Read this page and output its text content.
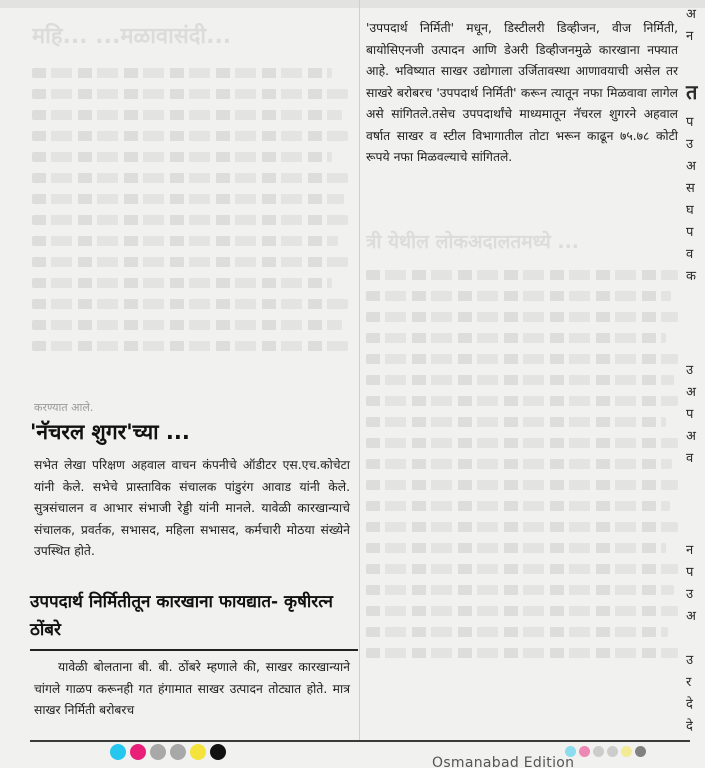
महि... ...मळावासंदी...
करण्यात आले.
त्री येथील लोकअदालतमध्ये ...
'उपपदार्थ निर्मिती' मधून, डिस्टीलरी डिव्हीजन, वीज निर्मिती, बायोसिएनजी उत्पादन आणि डेअरी डिव्हीजनमुळे कारखाना नफ्यात आहे. भविष्यात साखर उद्योगाला उर्जितावस्था आणावयाची असेल तर साखरे बरोबरच 'उपपदार्थ निर्मिती' करून त्यातून नफा मिळवावा लागेल असे सांगितले.तसेच उपपदार्थांचे माध्यमातून नॅचरल शुगरने अहवाल वर्षात साखर व स्टील विभागातील तोटा भरून काढून ७५.७८ कोटी रूपये नफा मिळवल्याचे सांगितले.
'नॅचरल शुगर'च्या ...
सभेत लेखा परिक्षण अहवाल वाचन कंपनीचे ऑडीटर एस.एच.कोचेटा यांनी केले. सभेचे प्रास्ताविक संचालक पांडुरंग आवाड यांनी केले. सुत्रसंचालन व आभार संभाजी रेड्डी यांनी मानले. यावेळी कारखान्याचे संचालक, प्रवर्तक, सभासद, महिला सभासद, कर्मचारी मोठया संख्येने उपस्थित होते.
उपपदार्थ निर्मितीतून कारखाना फायद्यात- कृषीरत्न ठोंबरे
यावेळी बोलताना बी. बी. ठोंबरे म्हणाले की, साखर कारखान्याने चांगले गाळप करूनही गत हंगामात साखर उत्पादन तोट्यात होते. मात्र साखर निर्मिती बरोबरच
अ
न
त
प
उ
अ
स
घ
प
व
क
उ
अ
प
अ
व
न
प
उ
अ
उ
र
दे
दे
Osmanabad Edition
